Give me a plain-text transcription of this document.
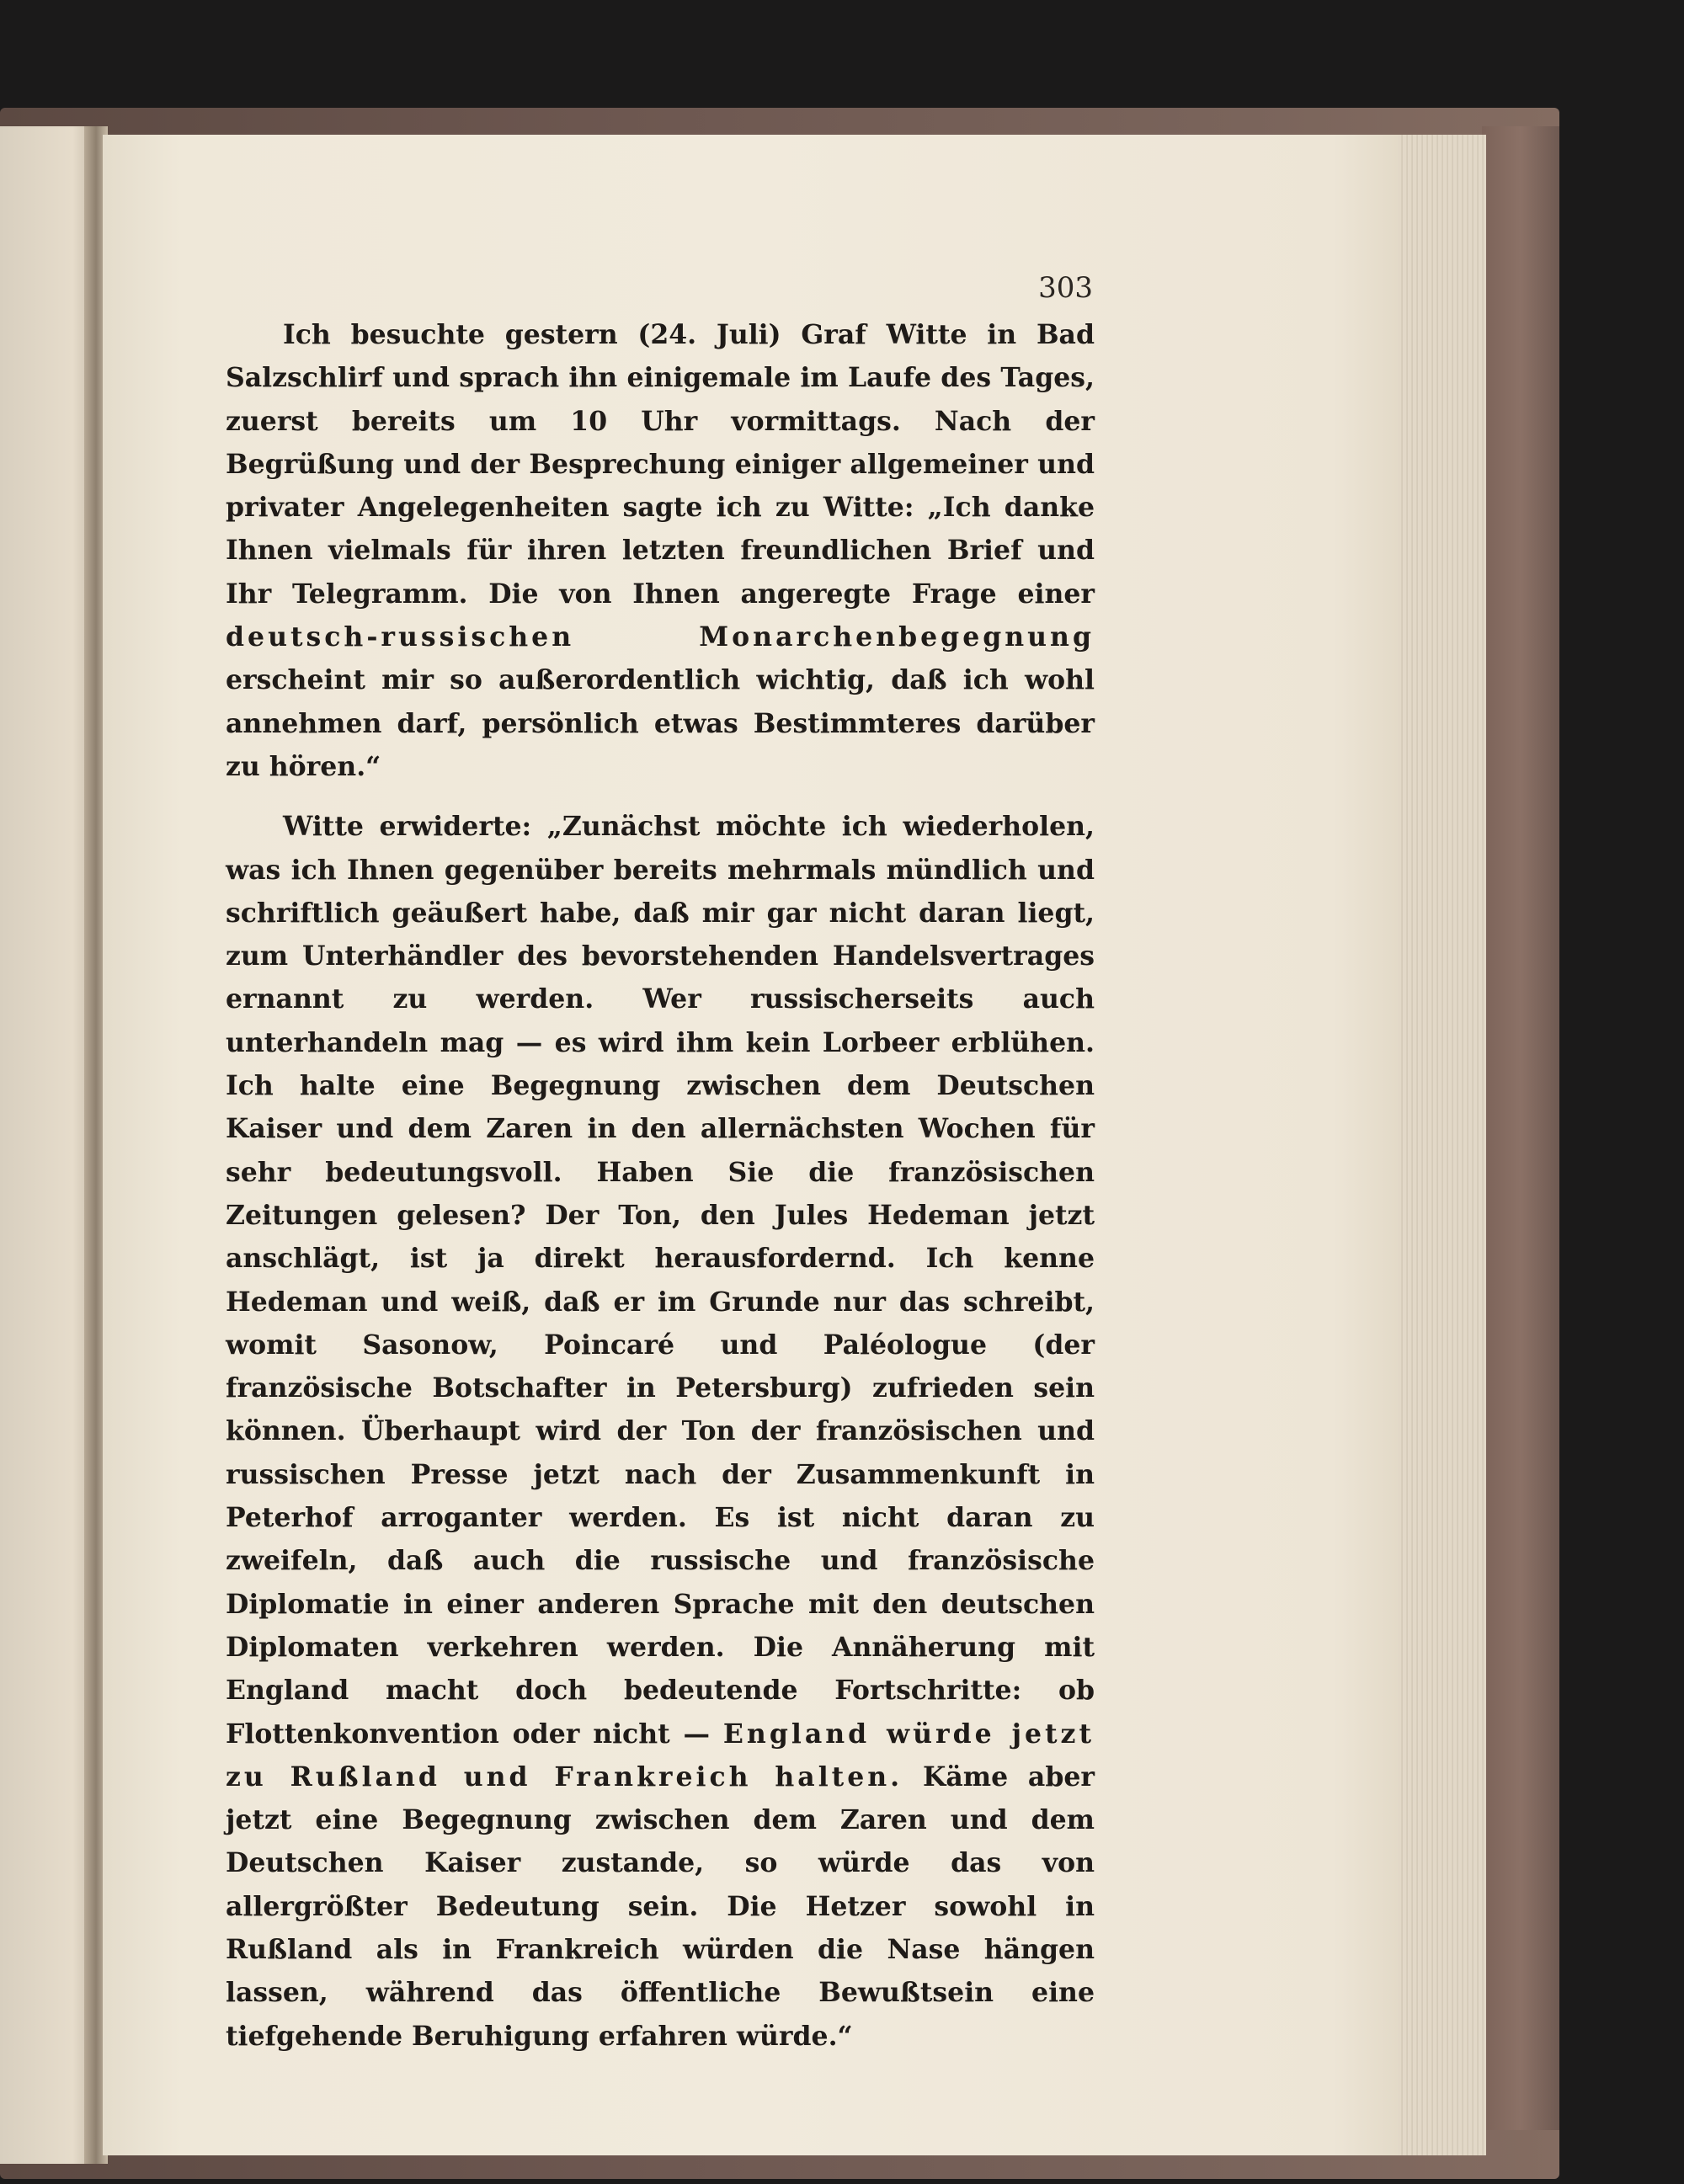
303

Ich besuchte gestern (24. Juli) Graf Witte in Bad Salzschlirf und sprach ihn einigemale im Laufe des Tages, zuerst bereits um 10 Uhr vormittags. Nach der Begrüßung und der Besprechung einiger allgemeiner und privater Angelegenheiten sagte ich zu Witte: „Ich danke Ihnen vielmals für ihren letzten freundlichen Brief und Ihr Telegramm. Die von Ihnen angeregte Frage einer deutsch-russischen Monarchenbegegnung erscheint mir so außerordentlich wichtig, daß ich wohl annehmen darf, persönlich etwas Bestimmteres darüber zu hören.“

Witte erwiderte: „Zunächst möchte ich wiederholen, was ich Ihnen gegenüber bereits mehrmals mündlich und schriftlich geäußert habe, daß mir gar nicht daran liegt, zum Unterhändler des bevorstehenden Handelsvertrages ernannt zu werden. Wer russischerseits auch unterhandeln mag — es wird ihm kein Lorbeer erblühen. Ich halte eine Begegnung zwischen dem Deutschen Kaiser und dem Zaren in den allernächsten Wochen für sehr bedeutungsvoll. Haben Sie die französischen Zeitungen gelesen? Der Ton, den Jules Hedeman jetzt anschlägt, ist ja direkt herausfordernd. Ich kenne Hedeman und weiß, daß er im Grunde nur das schreibt, womit Sasonow, Poincaré und Paléologue (der französische Botschafter in Petersburg) zufrieden sein können. Überhaupt wird der Ton der französischen und russischen Presse jetzt nach der Zusammenkunft in Peterhof arroganter werden. Es ist nicht daran zu zweifeln, daß auch die russische und französische Diplomatie in einer anderen Sprache mit den deutschen Diplomaten verkehren werden. Die Annäherung mit England macht doch bedeutende Fortschritte: ob Flottenkonvention oder nicht — England würde jetzt zu Rußland und Frankreich halten. Käme aber jetzt eine Begegnung zwischen dem Zaren und dem Deutschen Kaiser zustande, so würde das von allergrößter Bedeutung sein. Die Hetzer sowohl in Rußland als in Frankreich würden die Nase hängen lassen, während das öffentliche Bewußtsein eine tiefgehende Beruhigung erfahren würde.“
